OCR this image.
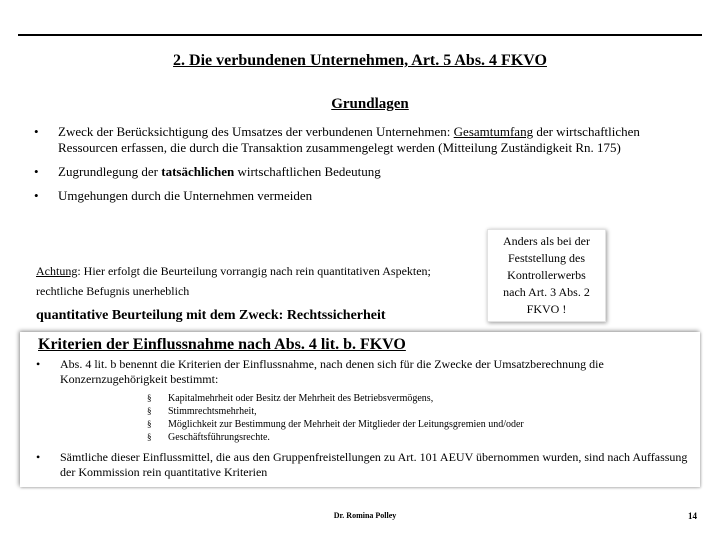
2. Die verbundenen Unternehmen, Art. 5 Abs. 4 FKVO
Grundlagen
•	Zweck der Berücksichtigung des Umsatzes der verbundenen Unternehmen: Gesamtumfang der wirtschaftlichen Ressourcen erfassen, die durch die Transaktion zusammengelegt werden (Mitteilung Zuständigkeit Rn. 175)
•	Zugrundlegung der tatsächlichen wirtschaftlichen Bedeutung
•	Umgehungen durch die Unternehmen vermeiden
Achtung: Hier erfolgt die Beurteilung vorrangig nach rein quantitativen Aspekten; rechtliche Befugnis unerheblich
quantitative Beurteilung mit dem Zweck: Rechtssicherheit
Anders als bei der
Feststellung des
Kontrollerwerbs
nach Art. 3 Abs. 2
FKVO !
Kriterien der Einflussnahme nach Abs. 4 lit. b. FKVO
•	Abs. 4 lit. b benennt die Kriterien der Einflussnahme, nach denen sich für die Zwecke der Umsatzberechnung die Konzernzugehörigkeit bestimmt:
§	Kapitalmehrheit oder Besitz der Mehrheit des Betriebsvermögens,
§	Stimmrechtsmehrheit,
§	Möglichkeit zur Bestimmung der Mehrheit der Mitglieder der Leitungsgremien und/oder
§	Geschäftsführungsrechte.
•	Sämtliche dieser Einflussmittel, die aus den Gruppenfreistellungen zu Art. 101 AEUV übernommen wurden, sind nach Auffassung der Kommission rein quantitative Kriterien
Dr. Romina Polley	14
